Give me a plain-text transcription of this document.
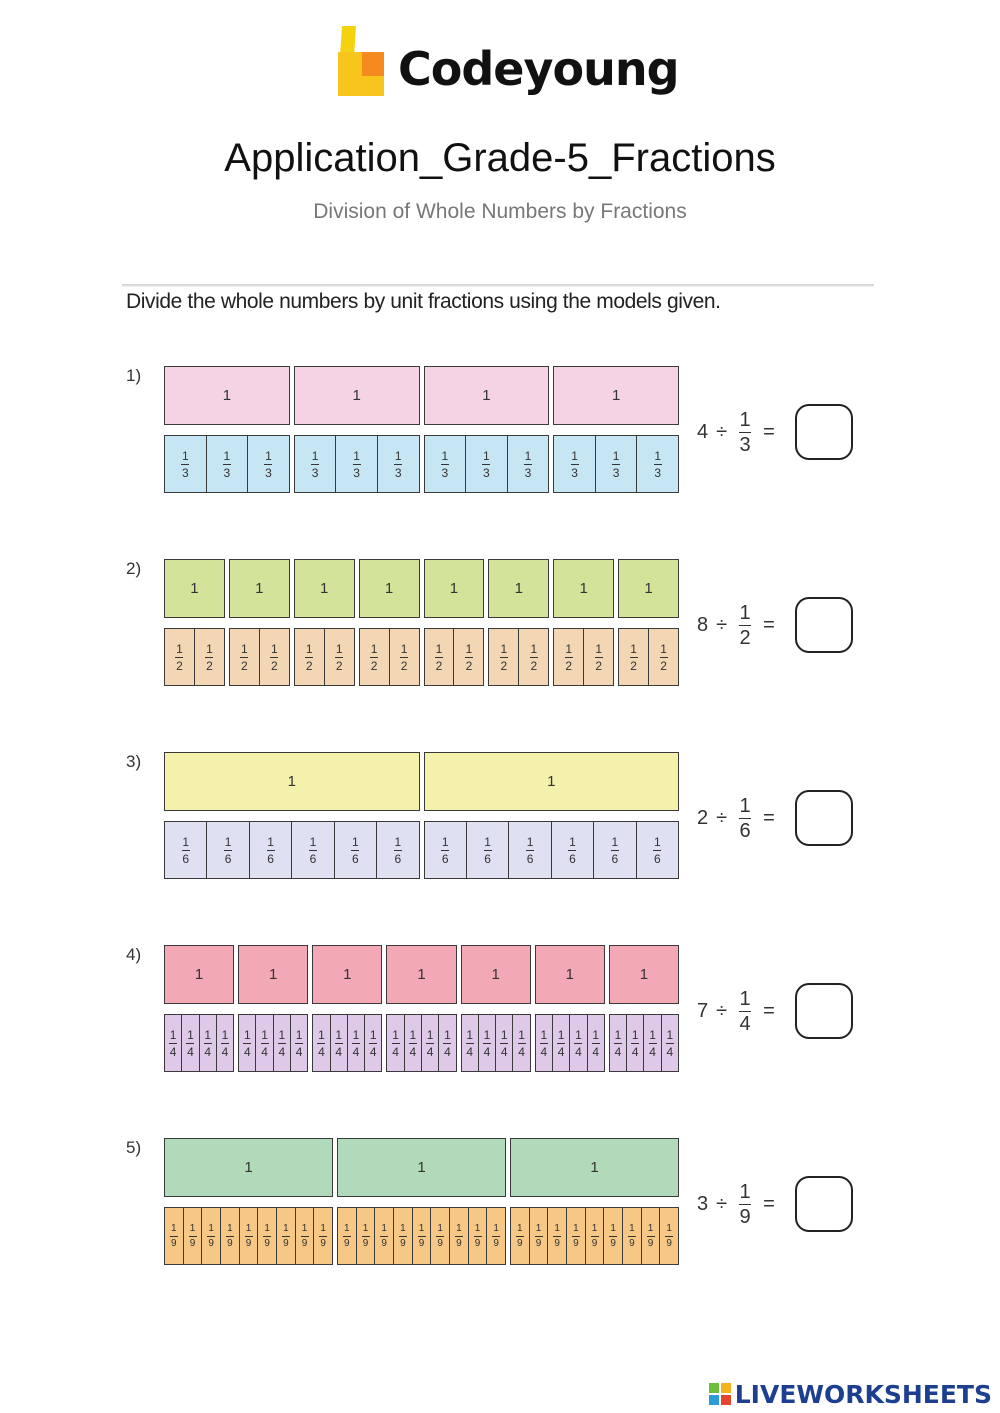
Codeyoung
Application_Grade-5_Fractions
Division of Whole Numbers by Fractions
Divide the whole numbers by unit fractions using the models given.
1)
1	1	1	1
$\frac{1}{3} \frac{1}{3} \frac{1}{3} \frac{1}{3} \frac{1}{3} \frac{1}{3} \frac{1}{3} \frac{1}{3} \frac{1}{3} \frac{1}{3} \frac{1}{3} \frac{1}{3}$
$4 \div \frac{1}{3}$ =
2)
1	1	1	1	1	1	1	1
$\frac{1}{2} \frac{1}{2} \frac{1}{2} \frac{1}{2} \frac{1}{2} \frac{1}{2} \frac{1}{2} \frac{1}{2} \frac{1}{2} \frac{1}{2} \frac{1}{2} \frac{1}{2} \frac{1}{2} \frac{1}{2} \frac{1}{2} \frac{1}{2}$
$8 \div \frac{1}{2}$ =
3)
1	1
$\frac{1}{6} \frac{1}{6} \frac{1}{6} \frac{1}{6} \frac{1}{6} \frac{1}{6} \frac{1}{6} \frac{1}{6} \frac{1}{6} \frac{1}{6} \frac{1}{6} \frac{1}{6}$
$2 \div \frac{1}{6}$ =
4)
1	1	1	1	1	1	1
$\frac{1}{4} \frac{1}{4} \frac{1}{4} \frac{1}{4} \frac{1}{4} \frac{1}{4} \frac{1}{4} \frac{1}{4} \frac{1}{4} \frac{1}{4} \frac{1}{4} \frac{1}{4} \frac{1}{4} \frac{1}{4} \frac{1}{4} \frac{1}{4} \frac{1}{4} \frac{1}{4} \frac{1}{4} \frac{1}{4} \frac{1}{4} \frac{1}{4} \frac{1}{4} \frac{1}{4} \frac{1}{4} \frac{1}{4} \frac{1}{4} \frac{1}{4}$
$7 \div \frac{1}{4}$ =
5)
1	1	1
$\frac{1}{9} \frac{1}{9} \frac{1}{9} \frac{1}{9} \frac{1}{9} \frac{1}{9} \frac{1}{9} \frac{1}{9} \frac{1}{9} \frac{1}{9} \frac{1}{9} \frac{1}{9} \frac{1}{9} \frac{1}{9} \frac{1}{9} \frac{1}{9} \frac{1}{9} \frac{1}{9} \frac{1}{9} \frac{1}{9} \frac{1}{9} \frac{1}{9} \frac{1}{9} \frac{1}{9} \frac{1}{9} \frac{1}{9} \frac{1}{9}$
$3 \div \frac{1}{9}$ =
LIVEWORKSHEETS
